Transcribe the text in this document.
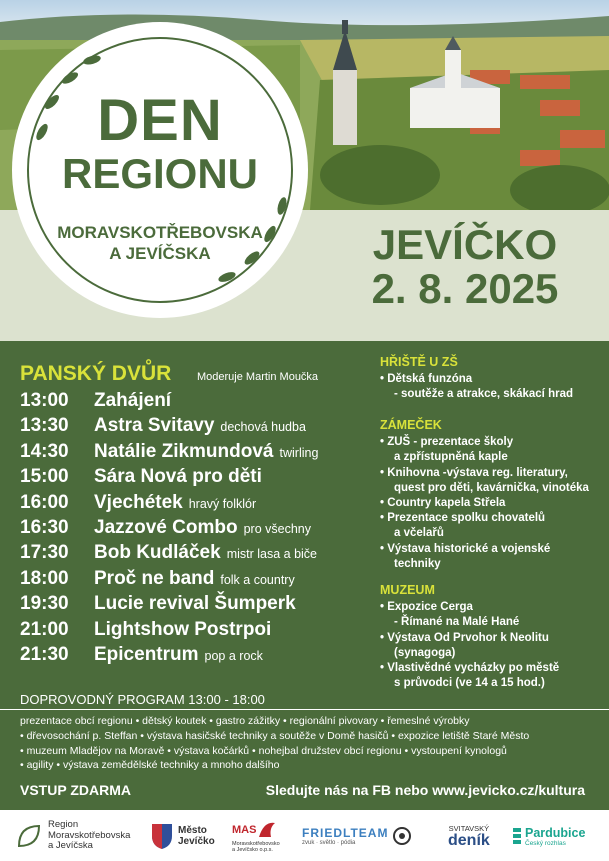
DEN
REGIONU
MORAVSKOTŘEBOVSKA
A JEVÍČSKA	JEVÍČKO
2. 8. 2025
PANSKÝ DVŮR Moderuje Martin Moučka
13:00	Zahájení
13:30	Astra Svitavy dechová hudba
14:30	Natálie Zikmundová twirling
15:00	Sára Nová pro děti
16:00	Vjechétek hravý folklór
16:30	Jazzové Combo pro všechny
17:30	Bob Kudláček mistr lasa a biče
18:00	Proč ne band folk a country
19:30	Lucie revival Šumperk
21:00	Lightshow Postrpoi
21:30	Epicentrum pop a rock
HŘIŠTĚ U ZŠ
• Dětská funzóna
- soutěže a atrakce, skákací hrad
ZÁMEČEK
• ZUŠ - prezentace školy
a zpřístupněná kaple
• Knihovna -výstava reg. literatury,
quest pro děti, kavárnička, vinotéka
• Country kapela Střela
• Prezentace spolku chovatelů
a včelařů
• Výstava historické a vojenské
techniky
MUZEUM
• Expozice Cerga
- Římané na Malé Hané
• Výstava Od Prvohor k Neolitu
(synagoga)
• Vlastivědné vycházky po městě
s průvodci (ve 14 a 15 hod.)
DOPROVODNÝ PROGRAM 13:00 - 18:00
prezentace obcí regionu • dětský koutek • gastro zážitky • regionální pivovary • řemeslné výrobky
• dřevosochání p. Steffan • výstava hasičské techniky a soutěže v Domě hasičů • expozice letiště Staré Město
• muzeum Mladějov na Moravě • výstava kočárků • nohejbal družstev obcí regionu • vystoupení kynologů
• agility • výstava zemědělské techniky a mnoho dalšího
VSTUP ZDARMA	Sledujte nás na FB nebo www.jevicko.cz/kultura
Region
Moravskotřebovska
a Jevíčska
Město
Jevíčko
MAS
Moravskotřebovsko
a Jevíčsko o.p.s.
FRIEDLTEAM
zvuk · světlo · pódia
SVITAVSKÝ
deník	Pardubice
Český rozhlas
